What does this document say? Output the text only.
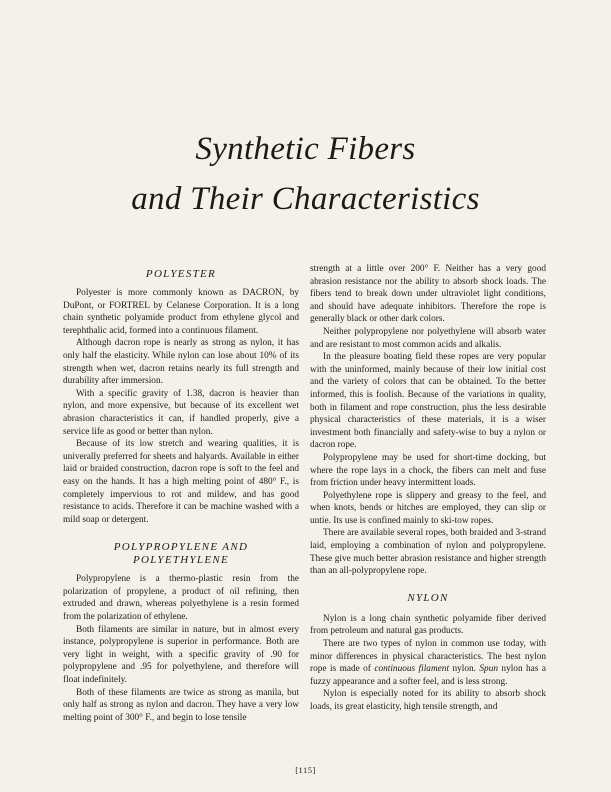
Synthetic Fibers
and Their Characteristics
POLYESTER

Polyester is more commonly known as DACRON, by DuPont, or FORTREL by Celanese Corporation. It is a long chain synthetic polyamide product from ethylene glycol and terephthalic acid, formed into a continuous filament.

Although dacron rope is nearly as strong as nylon, it has only half the elasticity. While nylon can lose about 10% of its strength when wet, dacron retains nearly its full strength and durability after immersion.

With a specific gravity of 1.38, dacron is heavier than nylon, and more expensive, but because of its excellent wet abrasion characteristics it can, if handled properly, give a service life as good or better than nylon.

Because of its low stretch and wearing qualities, it is univerally preferred for sheets and halyards. Available in either laid or braided construction, dacron rope is soft to the feel and easy on the hands. It has a high melting point of 480° F., is completely impervious to rot and mildew, and has good resistance to acids. Therefore it can be machine washed with a mild soap or detergent.

POLYPROPYLENE AND
POLYETHYLENE

Polypropylene is a thermo-plastic resin from the polarization of propylene, a product of oil refining, then extruded and drawn, whereas polyethylene is a resin formed from the polarization of ethylene.

Both filaments are similar in nature, but in almost every instance, polypropylene is superior in performance. Both are very light in weight, with a specific gravity of .90 for polypropylene and .95 for polyethylene, and therefore will float indefinitely.

Both of these filaments are twice as strong as manila, but only half as strong as nylon and dacron. They have a very low melting point of 300° F., and begin to lose tensile

strength at a little over 200° F. Neither has a very good abrasion resistance nor the ability to absorb shock loads. The fibers tend to break down under ultraviolet light conditions, and should have adequate inhibitors. Therefore the rope is generally black or other dark colors.

Neither polypropylene nor polyethylene will absorb water and are resistant to most common acids and alkalis.

In the pleasure boating field these ropes are very popular with the uninformed, mainly because of their low initial cost and the variety of colors that can be obtained. To the better informed, this is foolish. Because of the variations in quality, both in filament and rope construction, plus the less desirable physical characteristics of these materials, it is a wiser investment both financially and safety-wise to buy a nylon or dacron rope.

Polypropylene may be used for short-time docking, but where the rope lays in a chock, the fibers can melt and fuse from friction under heavy intermittent loads.

Polyethylene rope is slippery and greasy to the feel, and when knots, bends or hitches are employed, they can slip or untie. Its use is confined mainly to ski-tow ropes.

There are available several ropes, both braided and 3-strand laid, employing a combination of nylon and polypropylene. These give much better abrasion resistance and higher strength than an all-polypropylene rope.

NYLON

Nylon is a long chain synthetic polyamide fiber derived from petroleum and natural gas products.

There are two types of nylon in common use today, with minor differences in physical characteristics. The best nylon rope is made of continuous filament nylon. Spun nylon has a fuzzy appearance and a softer feel, and is less strong.

Nylon is especially noted for its ability to absorb shock loads, its great elasticity, high tensile strength, and

[115]
